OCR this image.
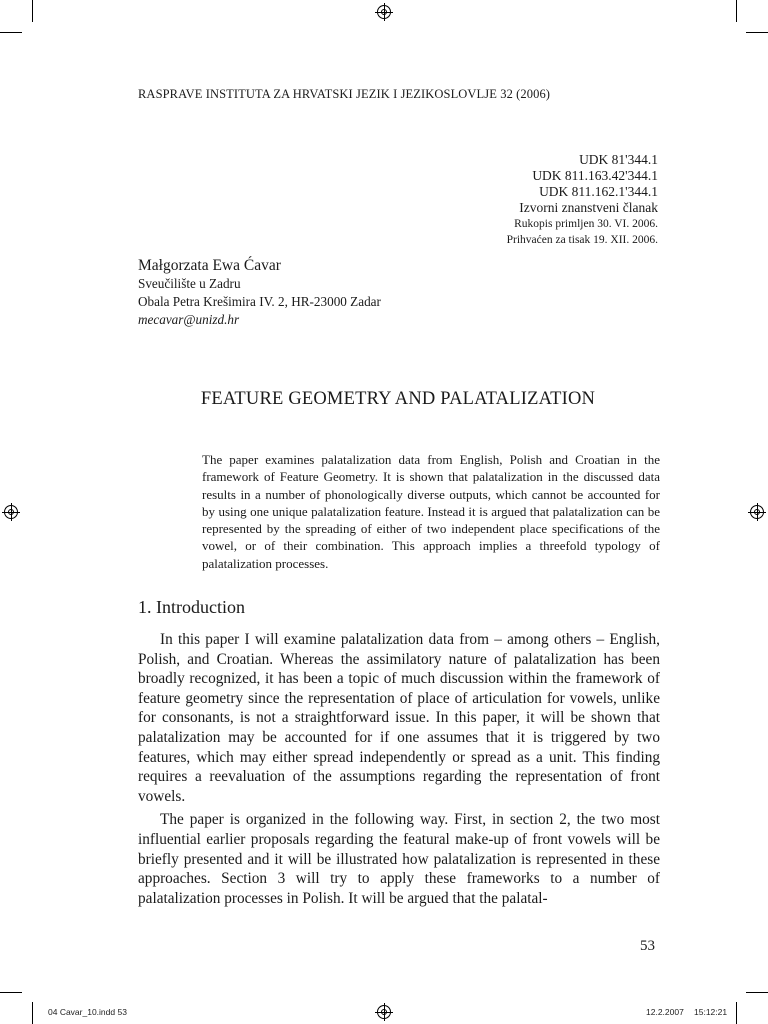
RASPRAVE INSTITUTA ZA HRVATSKI JEZIK I JEZIKOSLOVLJE 32 (2006)
UDK 81'344.1
UDK 811.163.42'344.1
UDK 811.162.1'344.1
Izvorni znanstveni članak
Rukopis primljen 30. VI. 2006.
Prihvaćen za tisak 19. XII. 2006.
Małgorzata Ewa Ćavar
Sveučilište u Zadru
Obala Petra Krešimira IV. 2, HR-23000 Zadar
mecavar@unizd.hr
FEATURE GEOMETRY AND PALATALIZATION
The paper examines palatalization data from English, Polish and Croatian in the framework of Feature Geometry. It is shown that palatalization in the discussed data results in a number of phonologically diverse outputs, which cannot be accounted for by using one unique palatalization feature. Instead it is argued that palatalization can be represented by the spreading of either of two independent place specifications of the vowel, or of their combination. This approach implies a threefold typology of palatalization processes.
1. Introduction

In this paper I will examine palatalization data from – among others – English, Polish, and Croatian. Whereas the assimilatory nature of palatalization has been broadly recognized, it has been a topic of much discussion within the framework of feature geometry since the representation of place of articulation for vowels, unlike for consonants, is not a straightforward issue. In this paper, it will be shown that palatalization may be accounted for if one assumes that it is triggered by two features, which may either spread independently or spread as a unit. This finding requires a reevaluation of the assumptions regarding the representation of front vowels.

The paper is organized in the following way. First, in section 2, the two most influential earlier proposals regarding the featural make-up of front vowels will be briefly presented and it will be illustrated how palatalization is represented in these approaches. Section 3 will try to apply these frameworks to a number of palatalization processes in Polish. It will be argued that the palatal-

53
04 Cavar_10.indd 53	12.2.2007 15:12:21
